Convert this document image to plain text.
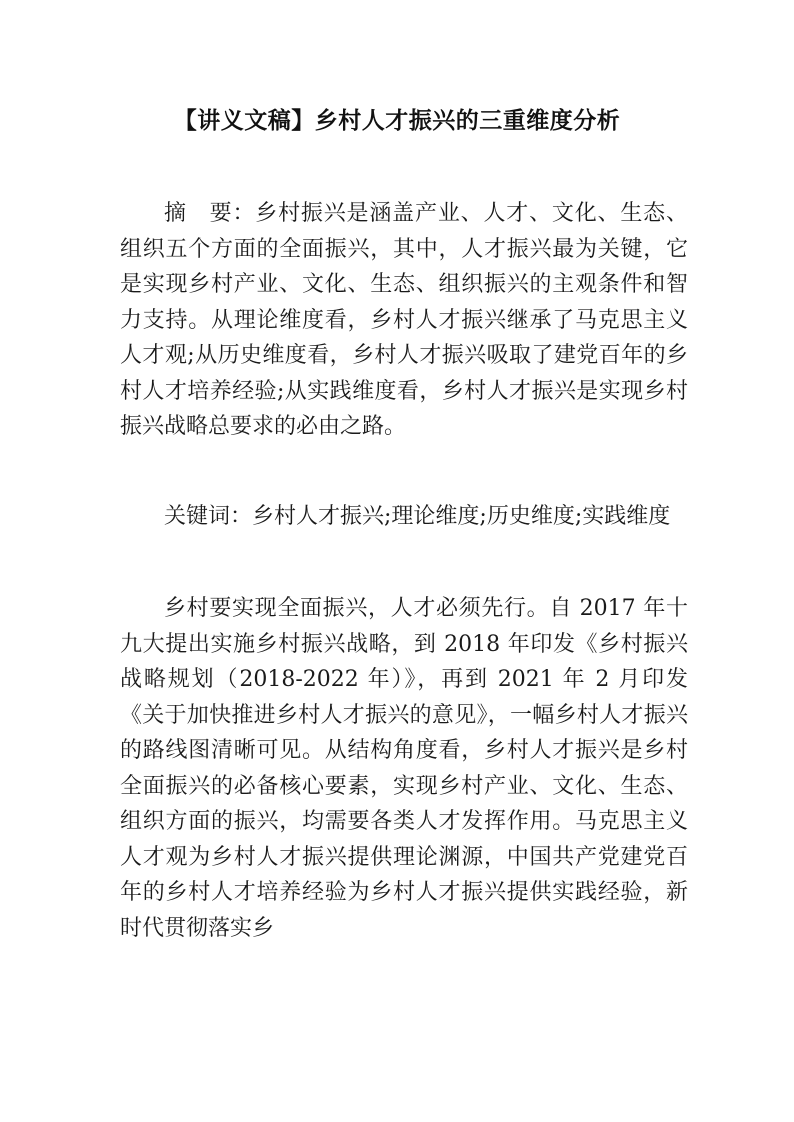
【讲义文稿】乡村人才振兴的三重维度分析

摘　要：乡村振兴是涵盖产业、人才、文化、生态、组织五个方面的全面振兴，其中，人才振兴最为关键，它是实现乡村产业、文化、生态、组织振兴的主观条件和智力支持。从理论维度看，乡村人才振兴继承了马克思主义人才观;从历史维度看，乡村人才振兴吸取了建党百年的乡村人才培养经验;从实践维度看，乡村人才振兴是实现乡村振兴战略总要求的必由之路。

关键词：乡村人才振兴;理论维度;历史维度;实践维度

乡村要实现全面振兴，人才必须先行。自 2017 年十九大提出实施乡村振兴战略，到 2018 年印发《乡村振兴战略规划（2018-2022 年）》，再到 2021 年 2 月印发《关于加快推进乡村人才振兴的意见》，一幅乡村人才振兴的路线图清晰可见。从结构角度看，乡村人才振兴是乡村全面振兴的必备核心要素，实现乡村产业、文化、生态、组织方面的振兴，均需要各类人才发挥作用。马克思主义人才观为乡村人才振兴提供理论渊源，中国共产党建党百年的乡村人才培养经验为乡村人才振兴提供实践经验，新时代贯彻落实乡
